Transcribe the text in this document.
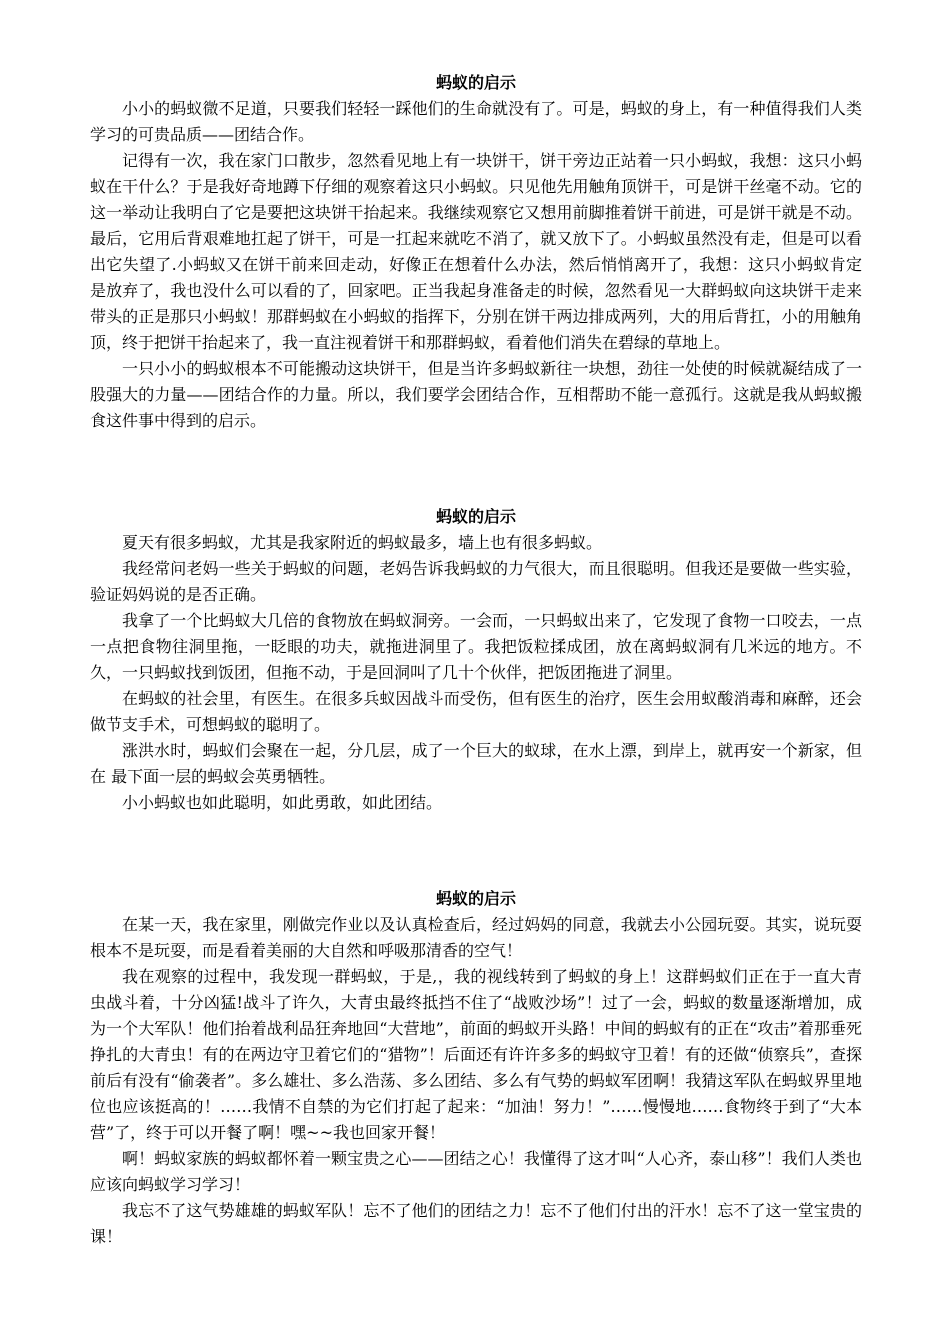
蚂蚁的启示

小小的蚂蚁微不足道，只要我们轻轻一踩他们的生命就没有了。可是，蚂蚁的身上，有一种值得我们人类学习的可贵品质——团结合作。

记得有一次，我在家门口散步，忽然看见地上有一块饼干，饼干旁边正站着一只小蚂蚁，我想：这只小蚂蚁在干什么？于是我好奇地蹲下仔细的观察着这只小蚂蚁。只见他先用触角顶饼干，可是饼干丝毫不动。它的这一举动让我明白了它是要把这块饼干抬起来。我继续观察它又想用前脚推着饼干前进，可是饼干就是不动。最后，它用后背艰难地扛起了饼干，可是一扛起来就吃不消了，就又放下了。小蚂蚁虽然没有走，但是可以看出它失望了.小蚂蚁又在饼干前来回走动，好像正在想着什么办法，然后悄悄离开了，我想：这只小蚂蚁肯定是放弃了，我也没什么可以看的了，回家吧。正当我起身准备走的时候，忽然看见一大群蚂蚁向这块饼干走来带头的正是那只小蚂蚁！那群蚂蚁在小蚂蚁的指挥下，分别在饼干两边排成两列，大的用后背扛，小的用触角顶，终于把饼干抬起来了，我一直注视着饼干和那群蚂蚁，看着他们消失在碧绿的草地上。

一只小小的蚂蚁根本不可能搬动这块饼干，但是当许多蚂蚁新往一块想，劲往一处使的时候就凝结成了一股强大的力量——团结合作的力量。所以，我们要学会团结合作，互相帮助不能一意孤行。这就是我从蚂蚁搬食这件事中得到的启示。

蚂蚁的启示

夏天有很多蚂蚁，尤其是我家附近的蚂蚁最多，墙上也有很多蚂蚁。

我经常问老妈一些关于蚂蚁的问题，老妈告诉我蚂蚁的力气很大，而且很聪明。但我还是要做一些实验，验证妈妈说的是否正确。

我拿了一个比蚂蚁大几倍的食物放在蚂蚁洞旁。一会而，一只蚂蚁出来了，它发现了食物一口咬去，一点一点把食物往洞里拖，一眨眼的功夫，就拖进洞里了。我把饭粒揉成团，放在离蚂蚁洞有几米远的地方。不久，一只蚂蚁找到饭团，但拖不动，于是回洞叫了几十个伙伴，把饭团拖进了洞里。

在蚂蚁的社会里，有医生。在很多兵蚁因战斗而受伤，但有医生的治疗，医生会用蚁酸消毒和麻醉，还会做节支手术，可想蚂蚁的聪明了。

涨洪水时，蚂蚁们会聚在一起，分几层，成了一个巨大的蚁球，在水上漂，到岸上，就再安一个新家，但在 最下面一层的蚂蚁会英勇牺牲。

小小蚂蚁也如此聪明，如此勇敢，如此团结。

蚂蚁的启示

在某一天，我在家里，刚做完作业以及认真检查后，经过妈妈的同意，我就去小公园玩耍。其实，说玩耍根本不是玩耍，而是看着美丽的大自然和呼吸那清香的空气！

我在观察的过程中，我发现一群蚂蚁，于是,，我的视线转到了蚂蚁的身上！这群蚂蚁们正在于一直大青虫战斗着，十分凶猛!战斗了许久，大青虫最终抵挡不住了“战败沙场”！过了一会，蚂蚁的数量逐渐增加，成为一个大军队！他们抬着战利品狂奔地回“大营地”，前面的蚂蚁开头路！中间的蚂蚁有的正在“攻击”着那垂死挣扎的大青虫！有的在两边守卫着它们的“猎物”！后面还有许许多多的蚂蚁守卫着！有的还做“侦察兵”，查探前后有没有“偷袭者”。多么雄壮、多么浩荡、多么团结、多么有气势的蚂蚁军团啊！我猜这军队在蚂蚁界里地位也应该挺高的！……我情不自禁的为它们打起了起来：“加油！努力！”……慢慢地……食物终于到了“大本营”了，终于可以开餐了啊！嘿~~我也回家开餐！

啊！蚂蚁家族的蚂蚁都怀着一颗宝贵之心——团结之心！我懂得了这才叫“人心齐，泰山移”！我们人类也应该向蚂蚁学习学习！

我忘不了这气势雄雄的蚂蚁军队！忘不了他们的团结之力！忘不了他们付出的汗水！忘不了这一堂宝贵的课！
